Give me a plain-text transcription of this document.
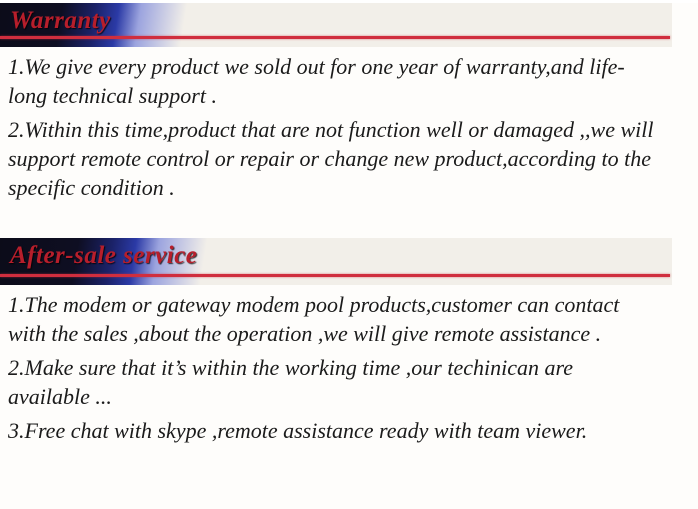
Warranty

1.We give every product we sold out for one year of warranty,and life-long technical support .

2.Within this time,product that are not function well or damaged ,,we will support remote control or repair or change new product,according to the specific condition .

After-sale service

1.The modem or gateway modem pool products,customer can contact with the sales ,about the operation ,we will give remote assistance .

2.Make sure that it’s within the working time ,our techinican are available ...

3.Free chat with skype ,remote assistance ready with team viewer.
